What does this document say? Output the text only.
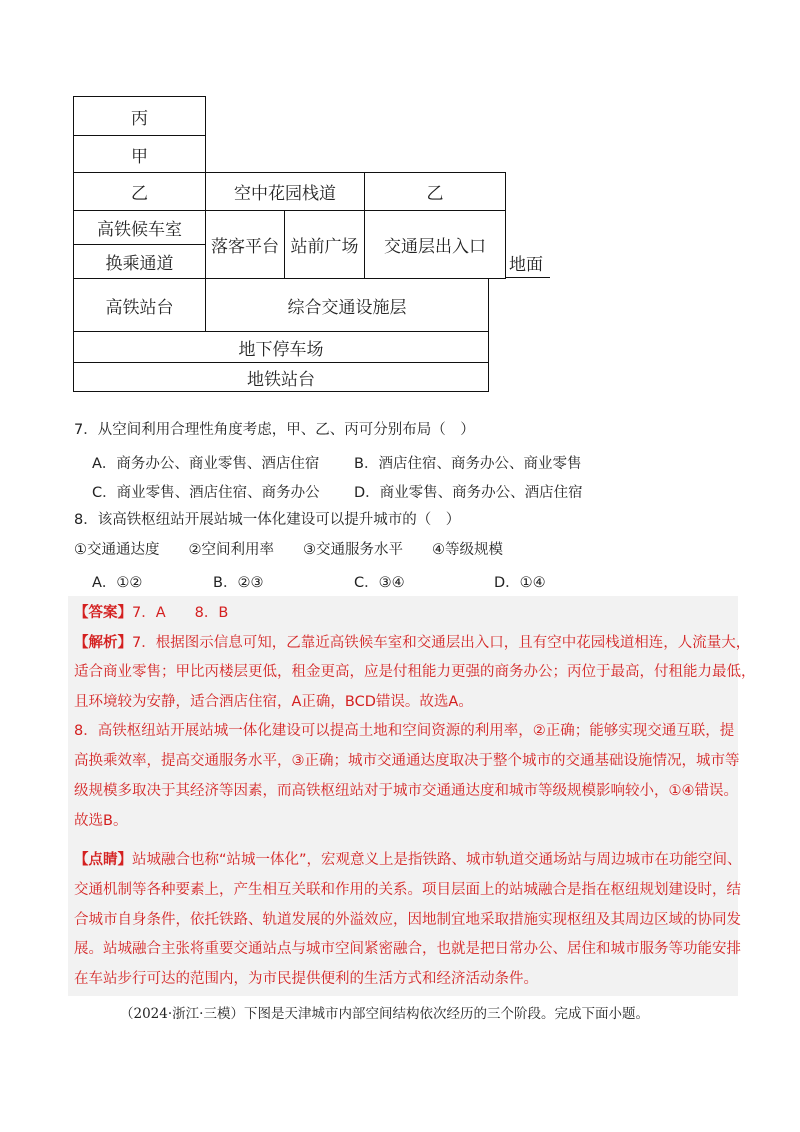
丙
甲
乙	空中花园栈道	乙
高铁候车室
换乘通道
落客平台 站前广场	交通层出入口
地面
高铁站台	综合交通设施层
地下停车场
地铁站台
7．从空间利用合理性角度考虑，甲、乙、丙可分别布局（　）
A．商务办公、商业零售、酒店住宿 B．酒店住宿、商务办公、商业零售
C．商业零售、酒店住宿、商务办公 D．商业零售、商务办公、酒店住宿
8．该高铁枢纽站开展站城一体化建设可以提升城市的（　）
①交通通达度　　②空间利用率　　③交通服务水平　　④等级规模
A．①②	B．②③	C．③④	D．①④
【答案】7．A　　8．B
【解析】7．根据图示信息可知，乙靠近高铁候车室和交通层出入口，且有空中花园栈道相连，人流量大，
适合商业零售；甲比丙楼层更低，租金更高，应是付租能力更强的商务办公；丙位于最高，付租能力最低，
且环境较为安静，适合酒店住宿，A正确，BCD错误。故选A。
8．高铁枢纽站开展站城一体化建设可以提高土地和空间资源的利用率，②正确；能够实现交通互联，提
高换乘效率，提高交通服务水平，③正确；城市交通通达度取决于整个城市的交通基础设施情况，城市等
级规模多取决于其经济等因素，而高铁枢纽站对于城市交通通达度和城市等级规模影响较小，①④错误。
故选B。
【点睛】站城融合也称“站城一体化”，宏观意义上是指铁路、城市轨道交通场站与周边城市在功能空间、
交通机制等各种要素上，产生相互关联和作用的关系。项目层面上的站城融合是指在枢纽规划建设时，结
合城市自身条件，依托铁路、轨道发展的外溢效应，因地制宜地采取措施实现枢纽及其周边区域的协同发
展。站城融合主张将重要交通站点与城市空间紧密融合，也就是把日常办公、居住和城市服务等功能安排
在车站步行可达的范围内，为市民提供便利的生活方式和经济活动条件。
（2024·浙江·三模）下图是天津城市内部空间结构依次经历的三个阶段。完成下面小题。
